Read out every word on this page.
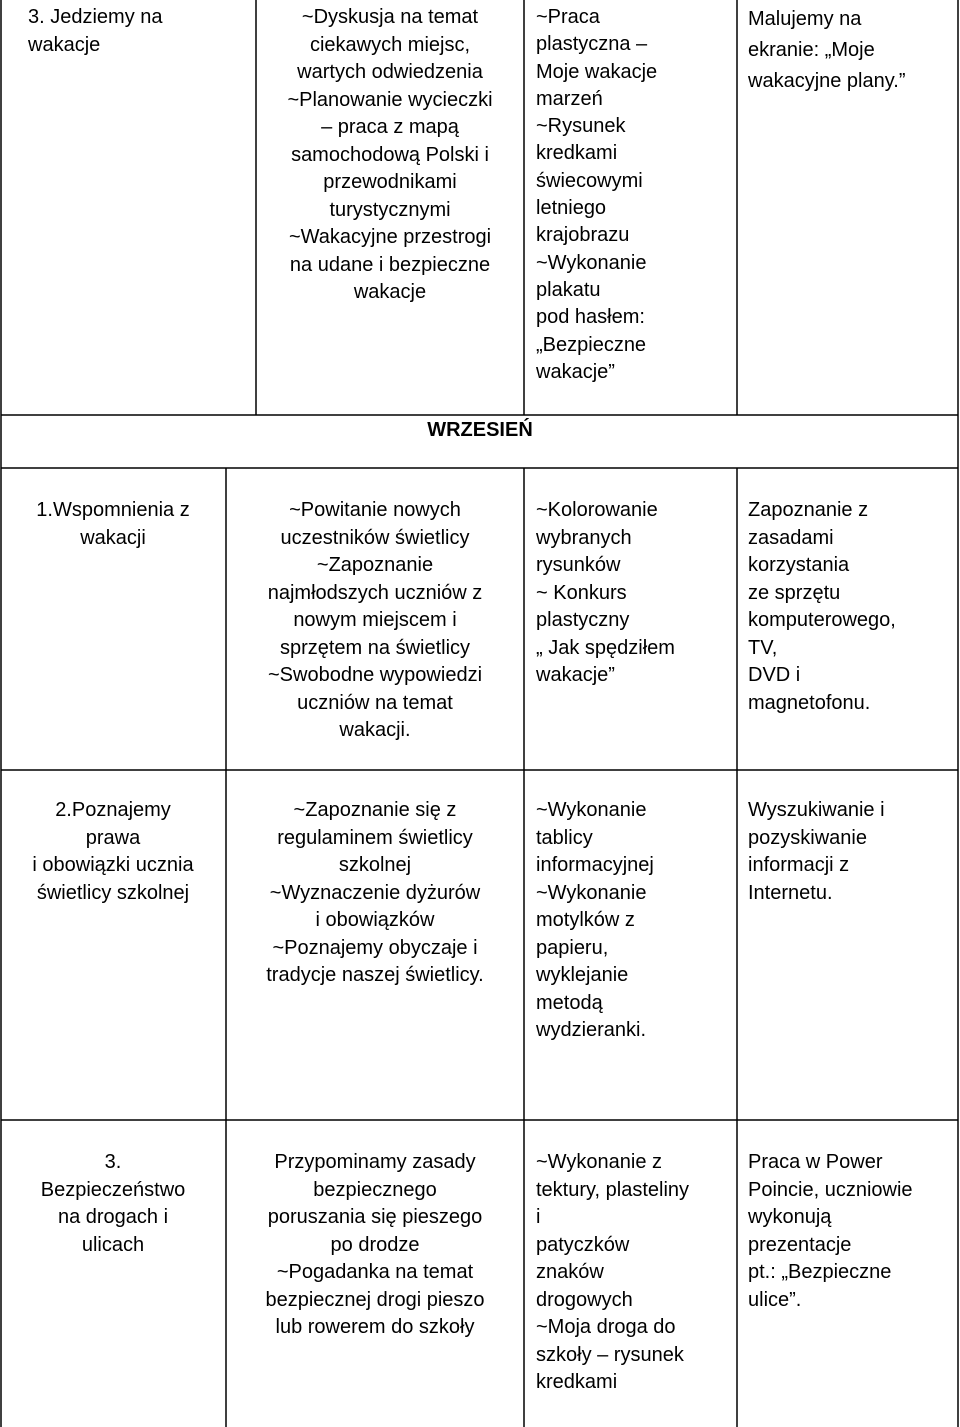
3. Jedziemy na
wakacje
~Dyskusja na temat
ciekawych miejsc,
wartych odwiedzenia
~Planowanie wycieczki
– praca z mapą
samochodową Polski i
przewodnikami
turystycznymi
~Wakacyjne przestrogi
na udane i bezpieczne
wakacje
~Praca
plastyczna –
Moje wakacje
marzeń
~Rysunek
kredkami
świecowymi
letniego
krajobrazu
~Wykonanie
plakatu
pod hasłem:
„Bezpieczne
wakacje”
Malujemy na
ekranie: „Moje
wakacyjne plany.”
WRZESIEŃ
1.Wspomnienia z
wakacji
~Powitanie nowych
uczestników świetlicy
~Zapoznanie
najmłodszych uczniów z
nowym miejscem i
sprzętem na świetlicy
~Swobodne wypowiedzi
uczniów na temat
wakacji.
~Kolorowanie
wybranych
rysunków
~ Konkurs
plastyczny
„ Jak spędziłem
wakacje”
Zapoznanie z
zasadami
korzystania
ze sprzętu
komputerowego,
TV,
DVD i
magnetofonu.
2.Poznajemy
prawa
i obowiązki ucznia
świetlicy szkolnej
~Zapoznanie się z
regulaminem świetlicy
szkolnej
~Wyznaczenie dyżurów
i obowiązków
~Poznajemy obyczaje i
tradycje naszej świetlicy.
~Wykonanie
tablicy
informacyjnej
~Wykonanie
motylków z
papieru,
wyklejanie
metodą
wydzieranki.
Wyszukiwanie i
pozyskiwanie
informacji z
Internetu.
3.
Bezpieczeństwo
na drogach i
ulicach
Przypominamy zasady
bezpiecznego
poruszania się pieszego
po drodze
~Pogadanka na temat
bezpiecznej drogi pieszo
lub rowerem do szkoły
~Wykonanie z
tektury, plasteliny
i
patyczków
znaków
drogowych
~Moja droga do
szkoły – rysunek
kredkami
Praca w Power
Poincie, uczniowie
wykonują
prezentacje
pt.: „Bezpieczne
ulice”.
